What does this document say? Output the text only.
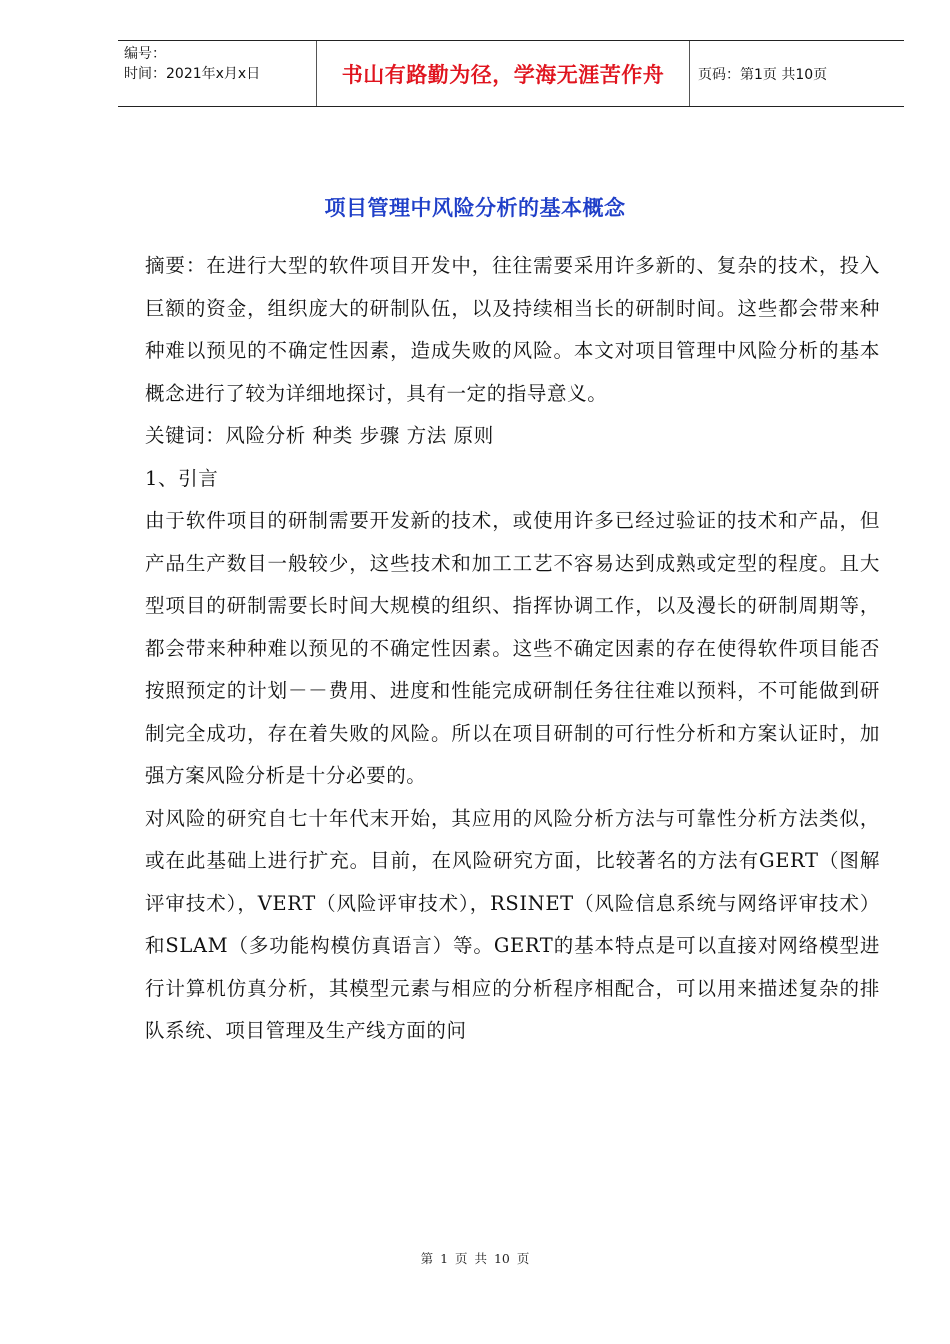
编号：
时间：2021年x月x日	书山有路勤为径，学海无涯苦作舟 页码：第1页 共10页
项目管理中风险分析的基本概念

摘要：在进行大型的软件项目开发中，往往需要采用许多新的、复杂的技术，投入巨额的资金，组织庞大的研制队伍，以及持续相当长的研制时间。这些都会带来种种难以预见的不确定性因素，造成失败的风险。本文对项目管理中风险分析的基本概念进行了较为详细地探讨，具有一定的指导意义。

关键词：风险分析 种类 步骤 方法 原则

1、引言

由于软件项目的研制需要开发新的技术，或使用许多已经过验证的技术和产品，但产品生产数目一般较少，这些技术和加工工艺不容易达到成熟或定型的程度。且大型项目的研制需要长时间大规模的组织、指挥协调工作，以及漫长的研制周期等，都会带来种种难以预见的不确定性因素。这些不确定因素的存在使得软件项目能否按照预定的计划－－费用、进度和性能完成研制任务往往难以预料，不可能做到研制完全成功，存在着失败的风险。所以在项目研制的可行性分析和方案认证时，加强方案风险分析是十分必要的。

对风险的研究自七十年代末开始，其应用的风险分析方法与可靠性分析方法类似，或在此基础上进行扩充。目前，在风险研究方面，比较著名的方法有GERT（图解评审技术），VERT（风险评审技术），RSINET（风险信息系统与网络评审技术）和SLAM（多功能构模仿真语言）等。GERT的基本特点是可以直接对网络模型进行计算机仿真分析，其模型元素与相应的分析程序相配合，可以用来描述复杂的排队系统、项目管理及生产线方面的问

第 1 页 共 10 页
